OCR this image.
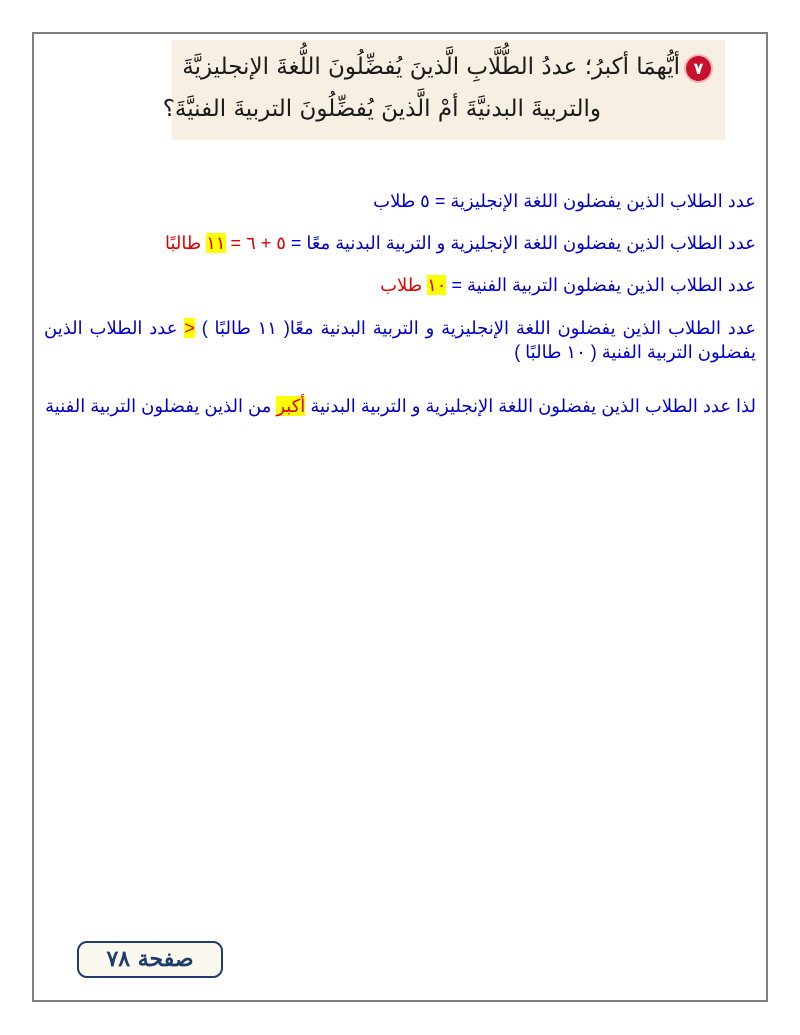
٧أيُّهمَا أكبرُ؛ عددُ الطُّلَّابِ الَّذينَ يُفضِّلُونَ اللُّغةَ الإنجليزيَّةَ
والتربيةَ البدنيَّةَ أمْ الَّذينَ يُفضِّلُونَ التربيةَ الفنيَّةَ؟
عدد الطلاب الذين يفضلون اللغة الإنجليزية = ٥ طلاب
عدد الطلاب الذين يفضلون اللغة الإنجليزية و التربية البدنية معًا = ٥ + ٦ = ١١ طالبًا
عدد الطلاب الذين يفضلون التربية الفنية = ١٠ طلاب
عدد الطلاب الذين يفضلون اللغة الإنجليزية و التربية البدنية معًا( ١١ طالبًا ) < عدد الطلاب الذين يفضلون التربية الفنية ( ١٠ طالبًا )
لذا عدد الطلاب الذين يفضلون اللغة الإنجليزية و التربية البدنية أكبر من الذين يفضلون التربية الفنية
صفحة ٧٨
